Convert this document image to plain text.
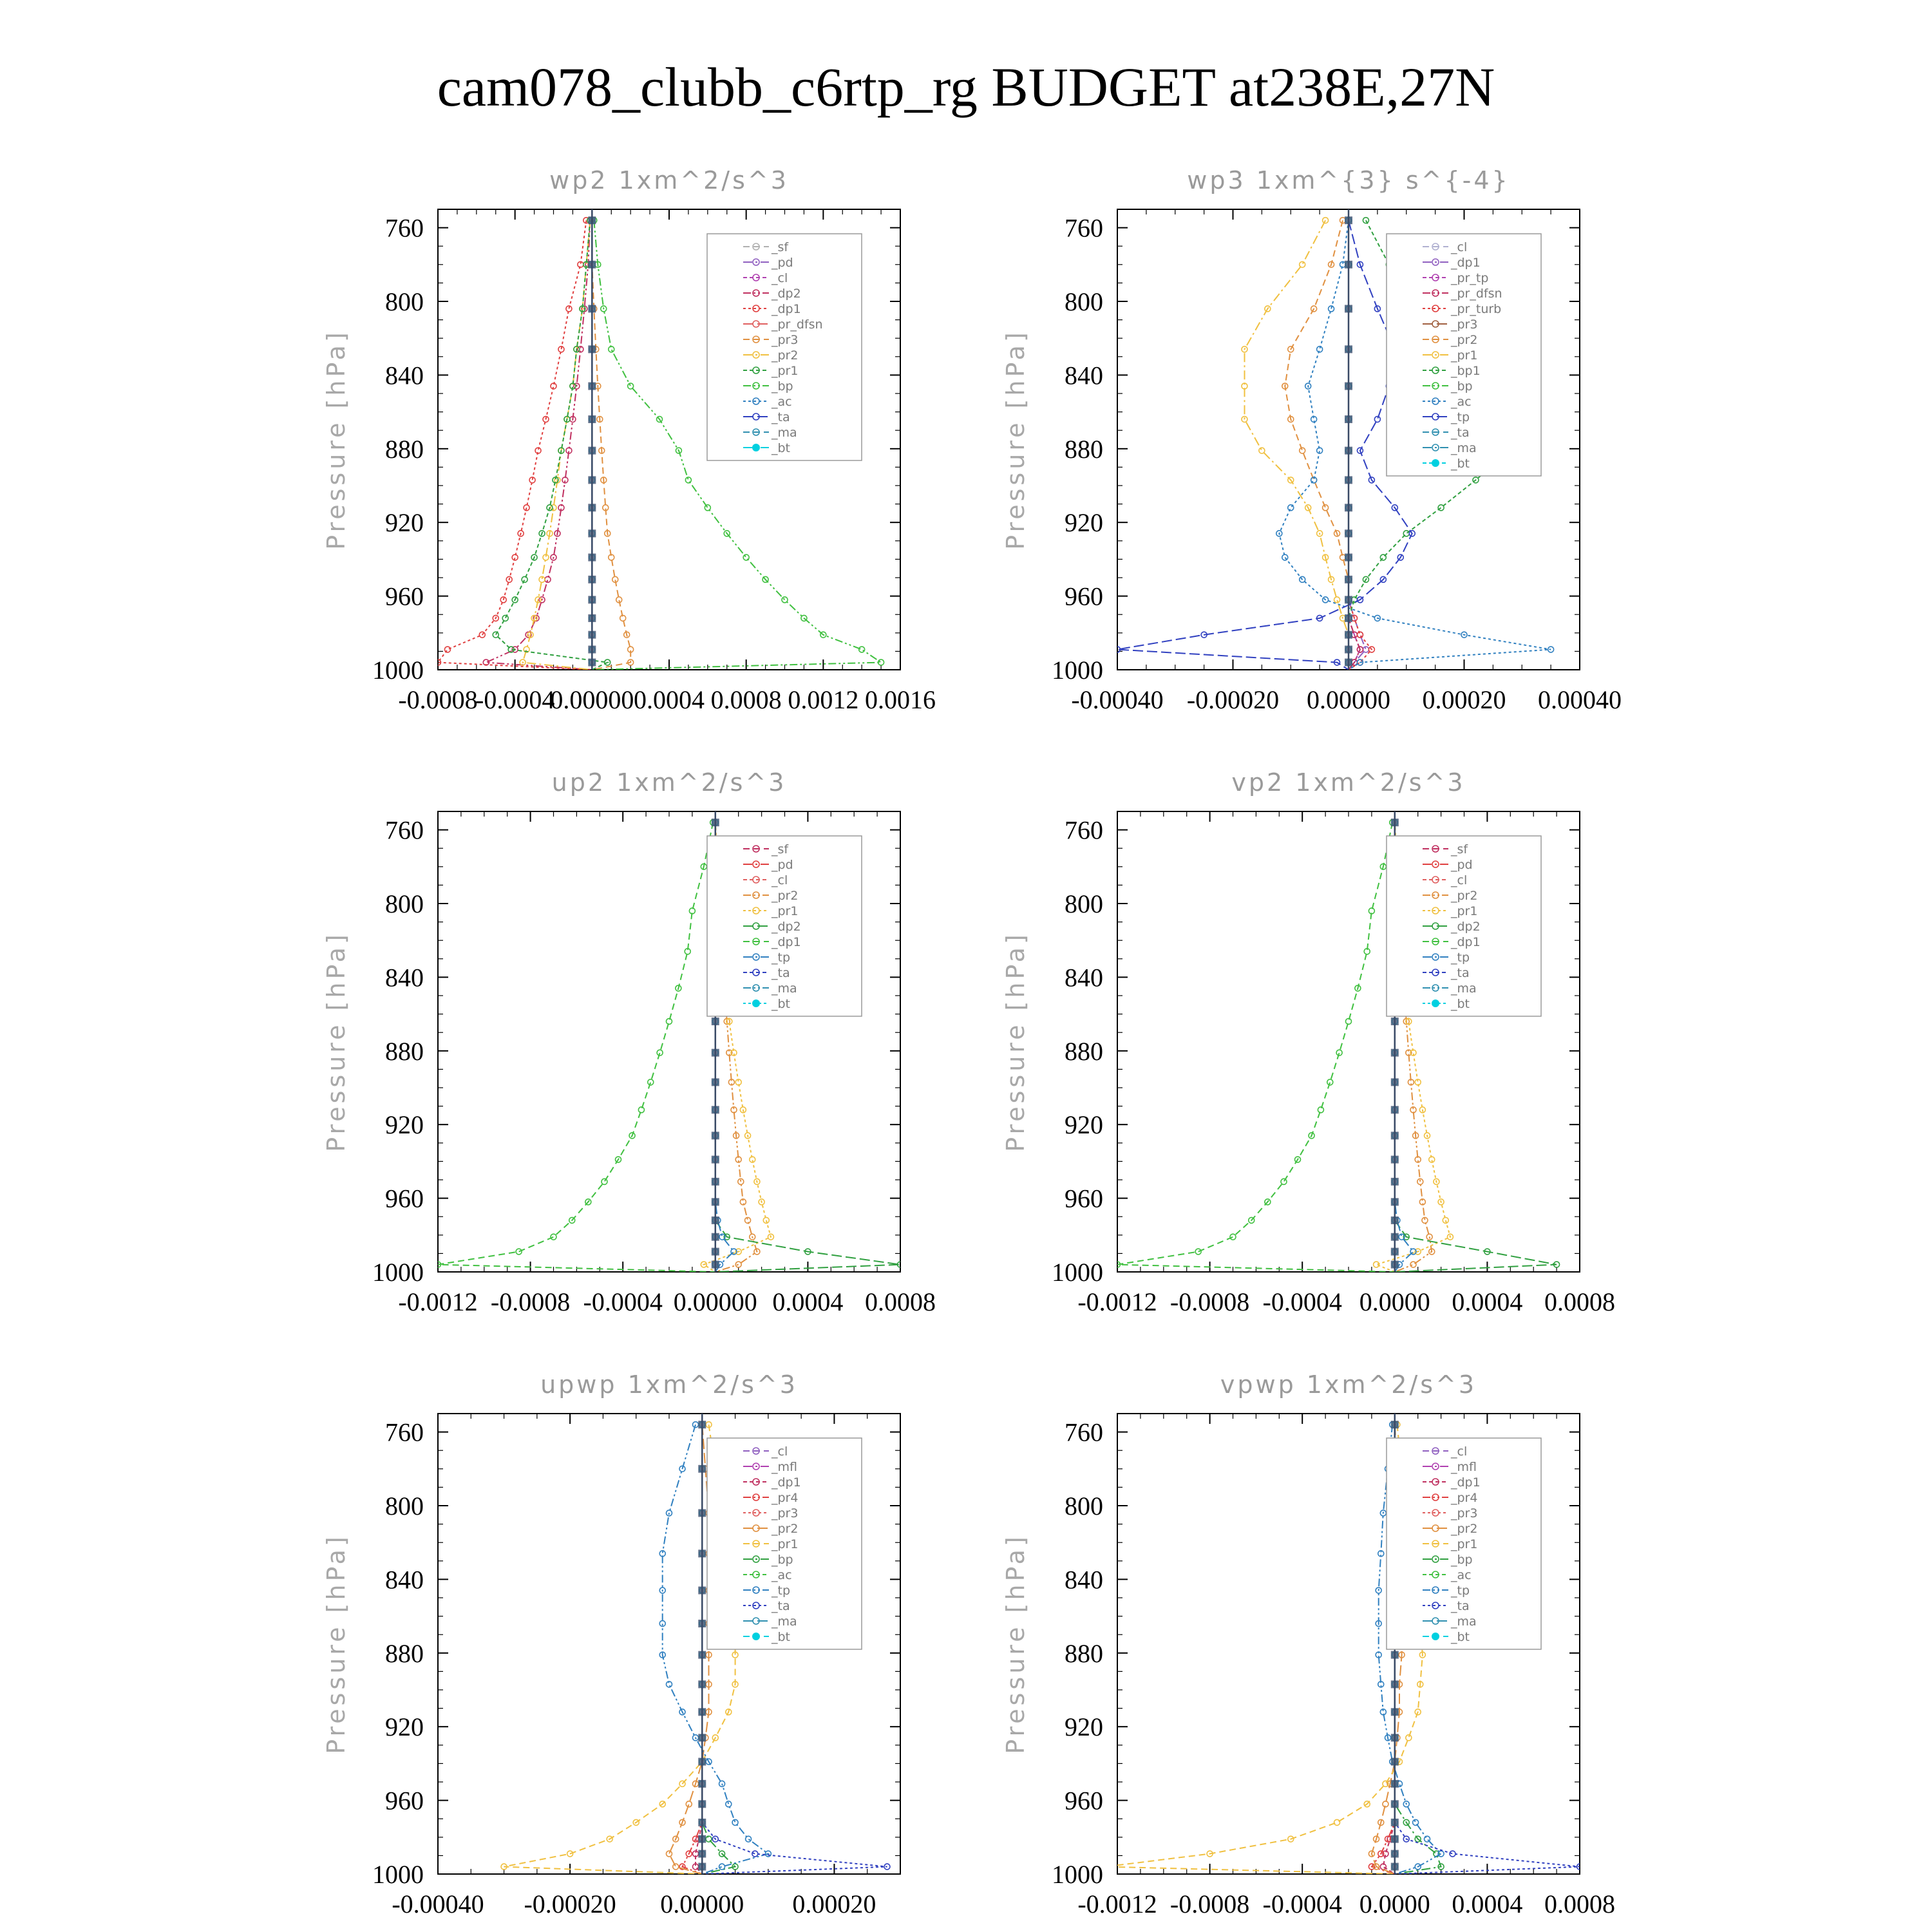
cam078_clubb_c6rtp_rg BUDGET at238E,27N
wp2 1xm^2/s^3
Pressure [hPa]
760
800
840
880
920
960
1000
-0.0008
-0.0004
0.00000 0.0004 0.0008 0.0012 0.0016
_sf
_pd
_cl
_dp2
_dp1
_pr_dfsn
_pr3
_pr2
_pr1
_bp
_ac
_ta
_ma
_bt
wp3 1xm^{3} s^{-4}
Pressure [hPa]
760
800
840
880
920
960
1000
-0.00040 -0.00020 0.00000 0.00020 0.00040
_cl
_dp1
_pr_tp
_pr_dfsn
_pr_turb
_pr3
_pr2
_pr1
_bp1
_bp
_ac
_tp
_ta
_ma
_bt
up2 1xm^2/s^3
Pressure [hPa]
760
800
840
880
920
960
1000
-0.0012 -0.0008 -0.0004 0.00000 0.0004 0.0008
_sf
_pd
_cl
_pr2
_pr1
_dp2
_dp1
_tp
_ta
_ma
_bt
vp2 1xm^2/s^3
Pressure [hPa]
760
800
840
880
920
960
1000
-0.0012 -0.0008 -0.0004 0.0000 0.0004 0.0008
_sf
_pd
_cl
_pr2
_pr1
_dp2
_dp1
_tp
_ta
_ma
_bt
upwp 1xm^2/s^3
Pressure [hPa]
760
800
840
880
920
960
1000
-0.00040 -0.00020 0.00000 0.00020
_cl
_mfl
_dp1
_pr4
_pr3
_pr2
_pr1
_bp
_ac
_tp
_ta
_ma
_bt
vpwp 1xm^2/s^3
Pressure [hPa]
760
800
840
880
920
960
1000
-0.0012 -0.0008 -0.0004 0.0000 0.0004 0.0008
_cl
_mfl
_dp1
_pr4
_pr3
_pr2
_pr1
_bp
_ac
_tp
_ta
_ma
_bt
